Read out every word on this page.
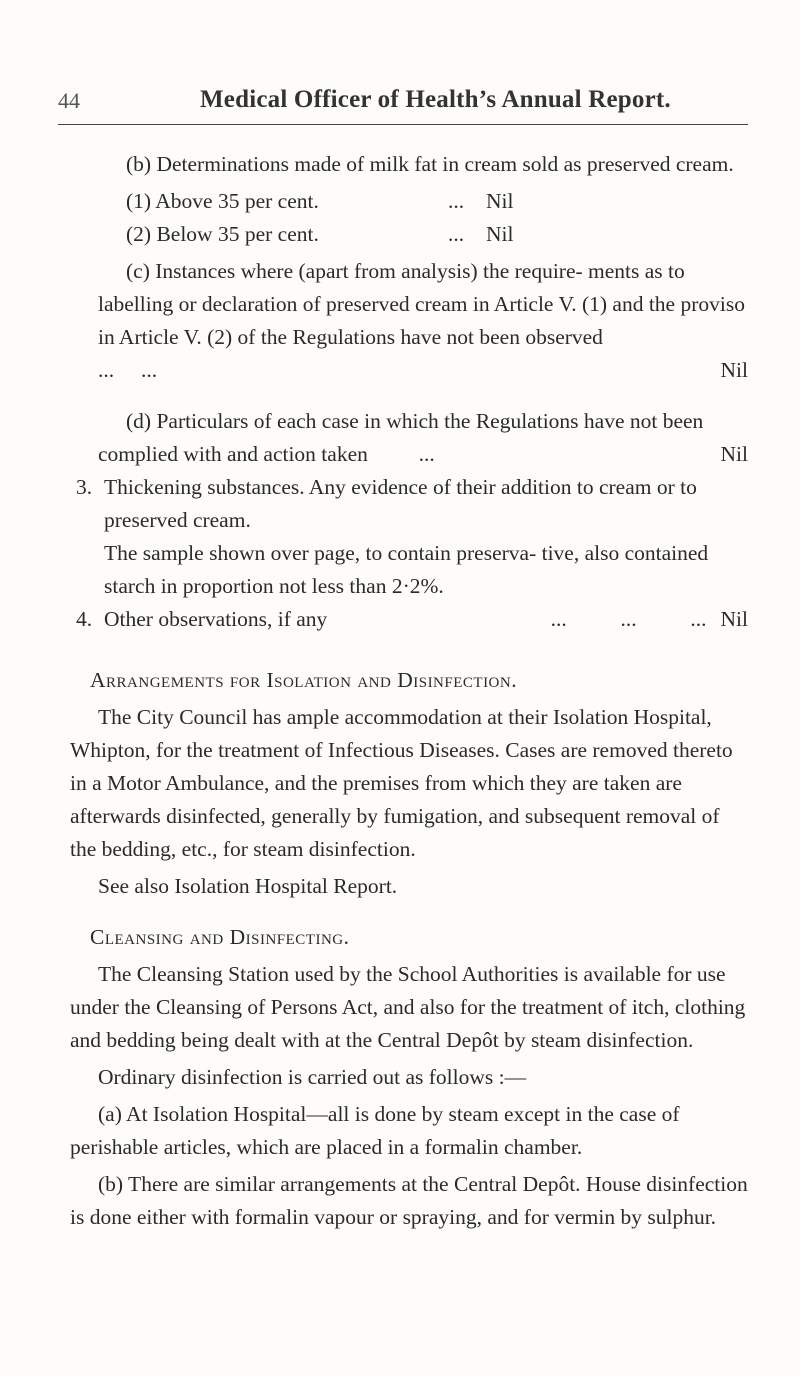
44	Medical Officer of Health’s Annual Report.

(b) Determinations made of milk fat in cream sold as preserved cream.

(1) Above 35 per cent.	...	Nil
(2) Below 35 per cent.	...	Nil

(c) Instances where (apart from analysis) the require- ments as to labelling or declaration of preserved cream in Article V. (1) and the proviso in Article V. (2) of the Regulations have not been observed  ...     ...	Nil

(d) Particulars of each case in which the Regulations have not been complied with and action taken ...	Nil

3. Thickening substances. Any evidence of their addition to cream or to preserved cream.

The sample shown over page, to contain preserva- tive, also contained starch in proportion not less than 2·2%.

4. Other observations, if any	...          ...          ... Nil

Arrangements for Isolation and Disinfection.

The City Council has ample accommodation at their Isolation Hospital, Whipton, for the treatment of Infectious Diseases. Cases are removed thereto in a Motor Ambulance, and the premises from which they are taken are afterwards disinfected, generally by fumigation, and subsequent removal of the bedding, etc., for steam disinfection.

See also Isolation Hospital Report.

Cleansing and Disinfecting.

The Cleansing Station used by the School Authorities is available for use under the Cleansing of Persons Act, and also for the treatment of itch, clothing and bedding being dealt with at the Central Depôt by steam disinfection.

Ordinary disinfection is carried out as follows :—

(a) At Isolation Hospital—all is done by steam except in the case of perishable articles, which are placed in a formalin chamber.

(b) There are similar arrangements at the Central Depôt. House disinfection is done either with formalin vapour or spraying, and for vermin by sulphur.
